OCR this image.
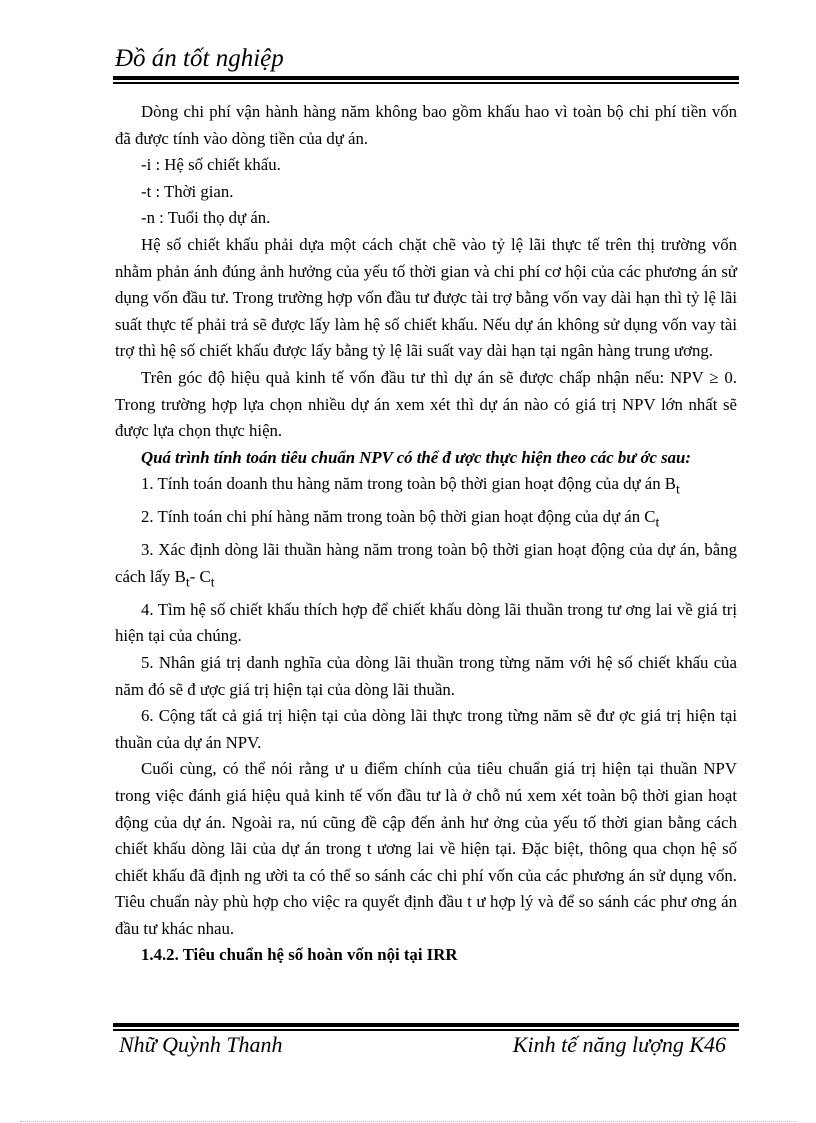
Đồ án tốt nghiệp

Dòng chi phí vận hành hàng năm không bao gồm khấu hao vì toàn bộ chi phí tiền vốn đã được tính vào dòng tiền của dự án.

-i : Hệ số chiết khấu.

-t : Thời gian.

-n : Tuổi thọ dự án.

Hệ số chiết khấu phải dựa một cách chặt chẽ vào tỷ lệ lãi thực tế trên thị trường vốn nhằm phản ánh đúng ảnh hưởng của yếu tố thời gian và chi phí cơ hội của các phương án sử dụng vốn đầu tư. Trong trường hợp vốn đầu tư được tài trợ bằng vốn vay dài hạn thì tỷ lệ lãi suất thực tế phải trả sẽ được lấy làm hệ số chiết khấu. Nếu dự án không sử dụng vốn vay tài trợ thì hệ số chiết khấu được lấy bằng tỷ lệ lãi suất vay dài hạn tại ngân hàng trung ương.

Trên góc độ hiệu quả kinh tế vốn đầu tư thì dự án sẽ được chấp nhận nếu: NPV ≥ 0. Trong trường hợp lựa chọn nhiều dự án xem xét thì dự án nào có giá trị NPV lớn nhất sẽ được lựa chọn thực hiện.

Quá trình tính toán tiêu chuẩn NPV có thể đ ược thực hiện theo các bư ớc sau:

1. Tính toán doanh thu hàng năm trong toàn bộ thời gian hoạt động của dự án $B_t$

2. Tính toán chi phí hàng năm trong toàn bộ thời gian hoạt động của dự án $C_t$

3. Xác định dòng lãi thuần hàng năm trong toàn bộ thời gian hoạt động của dự án, bằng cách lấy $B_t-$ $C_t$

4. Tìm hệ số chiết khấu thích hợp để chiết khấu dòng lãi thuần trong tư ơng lai về giá trị hiện tại của chúng.

5. Nhân giá trị danh nghĩa của dòng lãi thuần trong từng năm với hệ số chiết khấu của năm đó sẽ đ ược giá trị hiện tại của dòng lãi thuần.

6. Cộng tất cả giá trị hiện tại của dòng lãi thực trong từng năm sẽ đư ợc giá trị hiện tại thuần của dự án NPV.

Cuối cùng, có thể nói rằng ư u điểm chính của tiêu chuẩn giá trị hiện tại thuần NPV trong việc đánh giá hiệu quả kinh tế vốn đầu tư là ở chỗ nú xem xét toàn bộ thời gian hoạt động của dự án. Ngoài ra, nú cũng đề cập đến ảnh hư ởng của yếu tố thời gian bằng cách chiết khấu dòng lãi của dự án trong t ương lai về hiện tại. Đặc biệt, thông qua chọn hệ số chiết khấu đã định ng ười ta có thể so sánh các chi phí vốn của các phương án sử dụng vốn. Tiêu chuẩn này phù hợp cho việc ra quyết định đầu t ư hợp lý và để so sánh các phư ơng án đầu tư khác nhau.

1.4.2. Tiêu chuẩn hệ số hoàn vốn nội tại IRR

Nhữ Quỳnh Thanh	Kinh tế năng lượng K46
